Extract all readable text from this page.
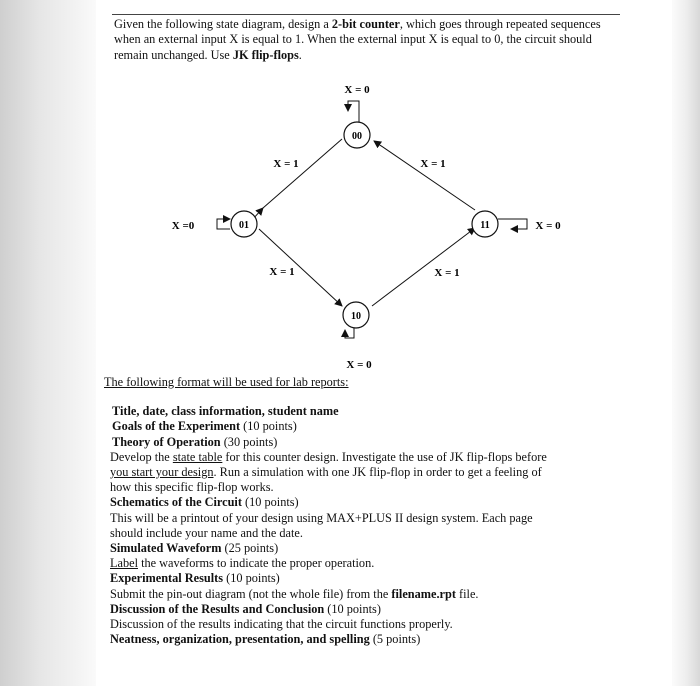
Given the following state diagram, design a 2-bit counter, which goes through repeated sequences when an external input X is equal to 1. When the external input X is equal to 0, the circuit should remain unchanged. Use JK flip-flops.
00
01	11
10
X = 0
X =0	X = 0
X = 0
X = 1	X = 1
X = 1	X = 1
The following format will be used for lab reports:
Title, date, class information, student name
Goals of the Experiment (10 points)
Theory of Operation (30 points)
Develop the state table for this counter design. Investigate the use of JK flip-flops before
you start your design. Run a simulation with one JK flip-flop in order to get a feeling of
how this specific flip-flop works.
Schematics of the Circuit (10 points)
This will be a printout of your design using MAX+PLUS II design system. Each page
should include your name and the date.
Simulated Waveform (25 points)
Label the waveforms to indicate the proper operation.
Experimental Results (10 points)
Submit the pin-out diagram (not the whole file) from the filename.rpt file.
Discussion of the Results and Conclusion (10 points)
Discussion of the results indicating that the circuit functions properly.
Neatness, organization, presentation, and spelling (5 points)
